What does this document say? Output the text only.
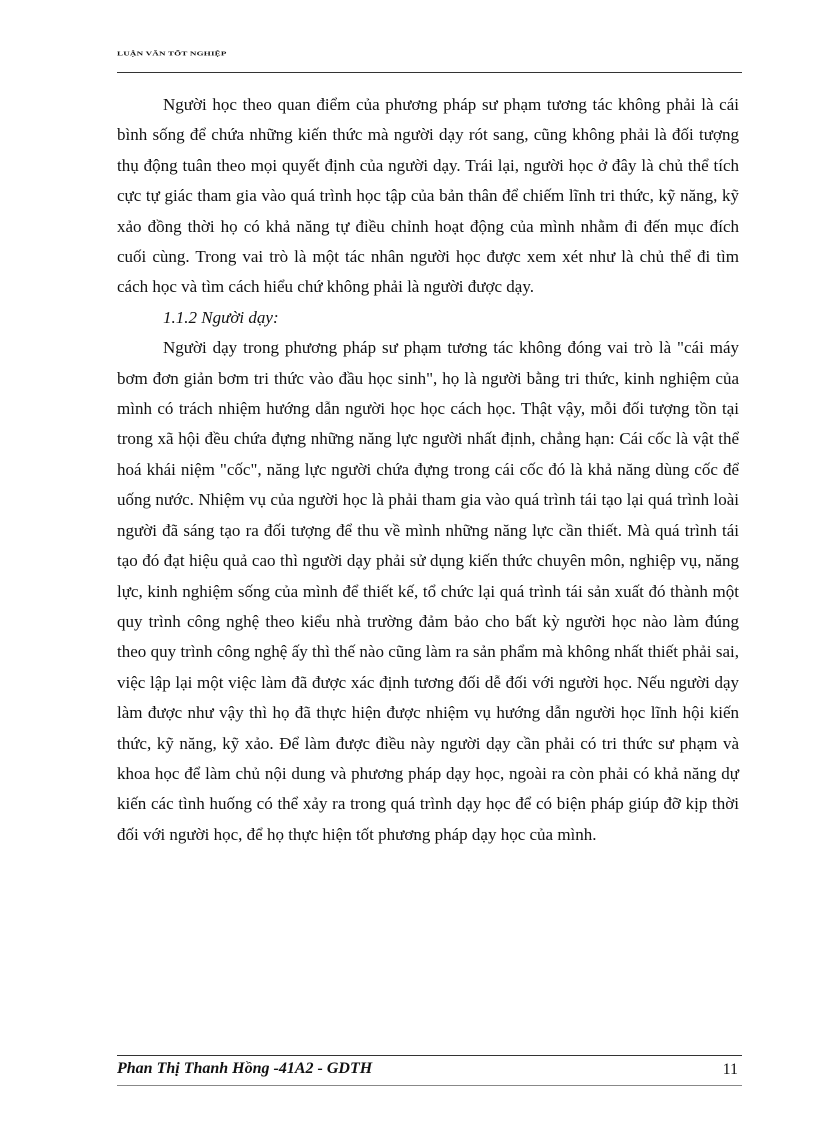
LUẬN VĂN TỐT NGHIỆP

Người học theo quan điểm của phương pháp sư phạm tương tác không phải là cái bình sống để chứa những kiến thức mà người dạy rót sang, cũng không phải là đối tượng thụ động tuân theo mọi quyết định của người dạy. Trái lại, người học ở đây là chủ thể tích cực tự giác tham gia vào quá trình học tập của bản thân để chiếm lĩnh tri thức, kỹ năng, kỹ xảo đồng thời họ có khả năng tự điều chỉnh hoạt động của mình nhằm đi đến mục đích cuối cùng. Trong vai trò là một tác nhân người học được xem xét như là chủ thể đi tìm cách học và tìm cách hiểu chứ không phải là người được dạy.

1.1.2 Người dạy:

Người dạy trong phương pháp sư phạm tương tác không đóng vai trò là "cái máy bơm đơn giản bơm tri thức vào đầu học sinh", họ là người bằng tri thức, kinh nghiệm của mình có trách nhiệm hướng dẫn người học học cách học. Thật vậy, mỗi đối tượng tồn tại trong xã hội đều chứa đựng những năng lực người nhất định, chẳng hạn: Cái cốc là vật thể hoá khái niệm "cốc", năng lực người chứa đựng trong cái cốc đó là khả năng dùng cốc để uống nước. Nhiệm vụ của người học là phải tham gia vào quá trình tái tạo lại quá trình loài người đã sáng tạo ra đối tượng để thu về mình những năng lực cần thiết. Mà quá trình tái tạo đó đạt hiệu quả cao thì người dạy phải sử dụng kiến thức chuyên môn, nghiệp vụ, năng lực, kinh nghiệm sống của mình để thiết kế, tổ chức lại quá trình tái sản xuất đó thành một quy trình công nghệ theo kiểu nhà trường đảm bảo cho bất kỳ người học nào làm đúng theo quy trình công nghệ ấy thì thế nào cũng làm ra sản phẩm mà không nhất thiết phải sai, việc lập lại một việc làm đã được xác định tương đối dễ đối với người học. Nếu người dạy làm được như vậy thì họ đã thực hiện được nhiệm vụ hướng dẫn người học lĩnh hội kiến thức, kỹ năng, kỹ xảo. Để làm được điều này người dạy cần phải có tri thức sư phạm và khoa học để làm chủ nội dung và phương pháp dạy học, ngoài ra còn phải có khả năng dự kiến các tình huống có thể xảy ra trong quá trình dạy học để có biện pháp giúp đỡ kịp thời đối với người học, để họ thực hiện tốt phương pháp dạy học của mình.

Phan Thị Thanh Hồng -41A2 - GDTH	11
